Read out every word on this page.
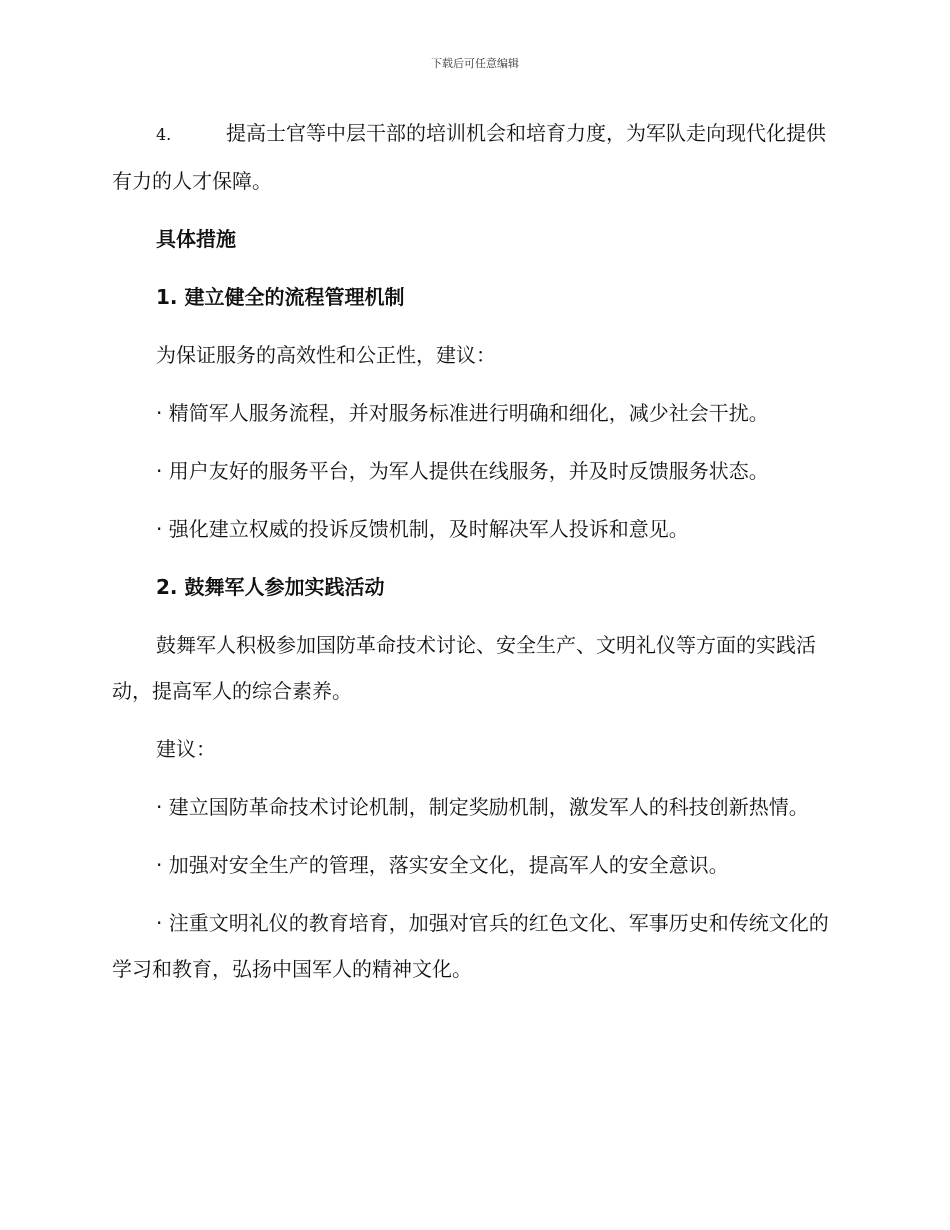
下载后可任意编辑

4.	提高士官等中层干部的培训机会和培育力度，为军队走向现代化提供有力的人才保障。

具体措施

1. 建立健全的流程管理机制

为保证服务的高效性和公正性，建议：

· 精简军人服务流程，并对服务标准进行明确和细化，减少社会干扰。

· 用户友好的服务平台，为军人提供在线服务，并及时反馈服务状态。

· 强化建立权威的投诉反馈机制，及时解决军人投诉和意见。

2. 鼓舞军人参加实践活动

鼓舞军人积极参加国防革命技术讨论、安全生产、文明礼仪等方面的实践活动，提高军人的综合素养。

建议：

· 建立国防革命技术讨论机制，制定奖励机制，激发军人的科技创新热情。

· 加强对安全生产的管理，落实安全文化，提高军人的安全意识。

· 注重文明礼仪的教育培育，加强对官兵的红色文化、军事历史和传统文化的学习和教育，弘扬中国军人的精神文化。
